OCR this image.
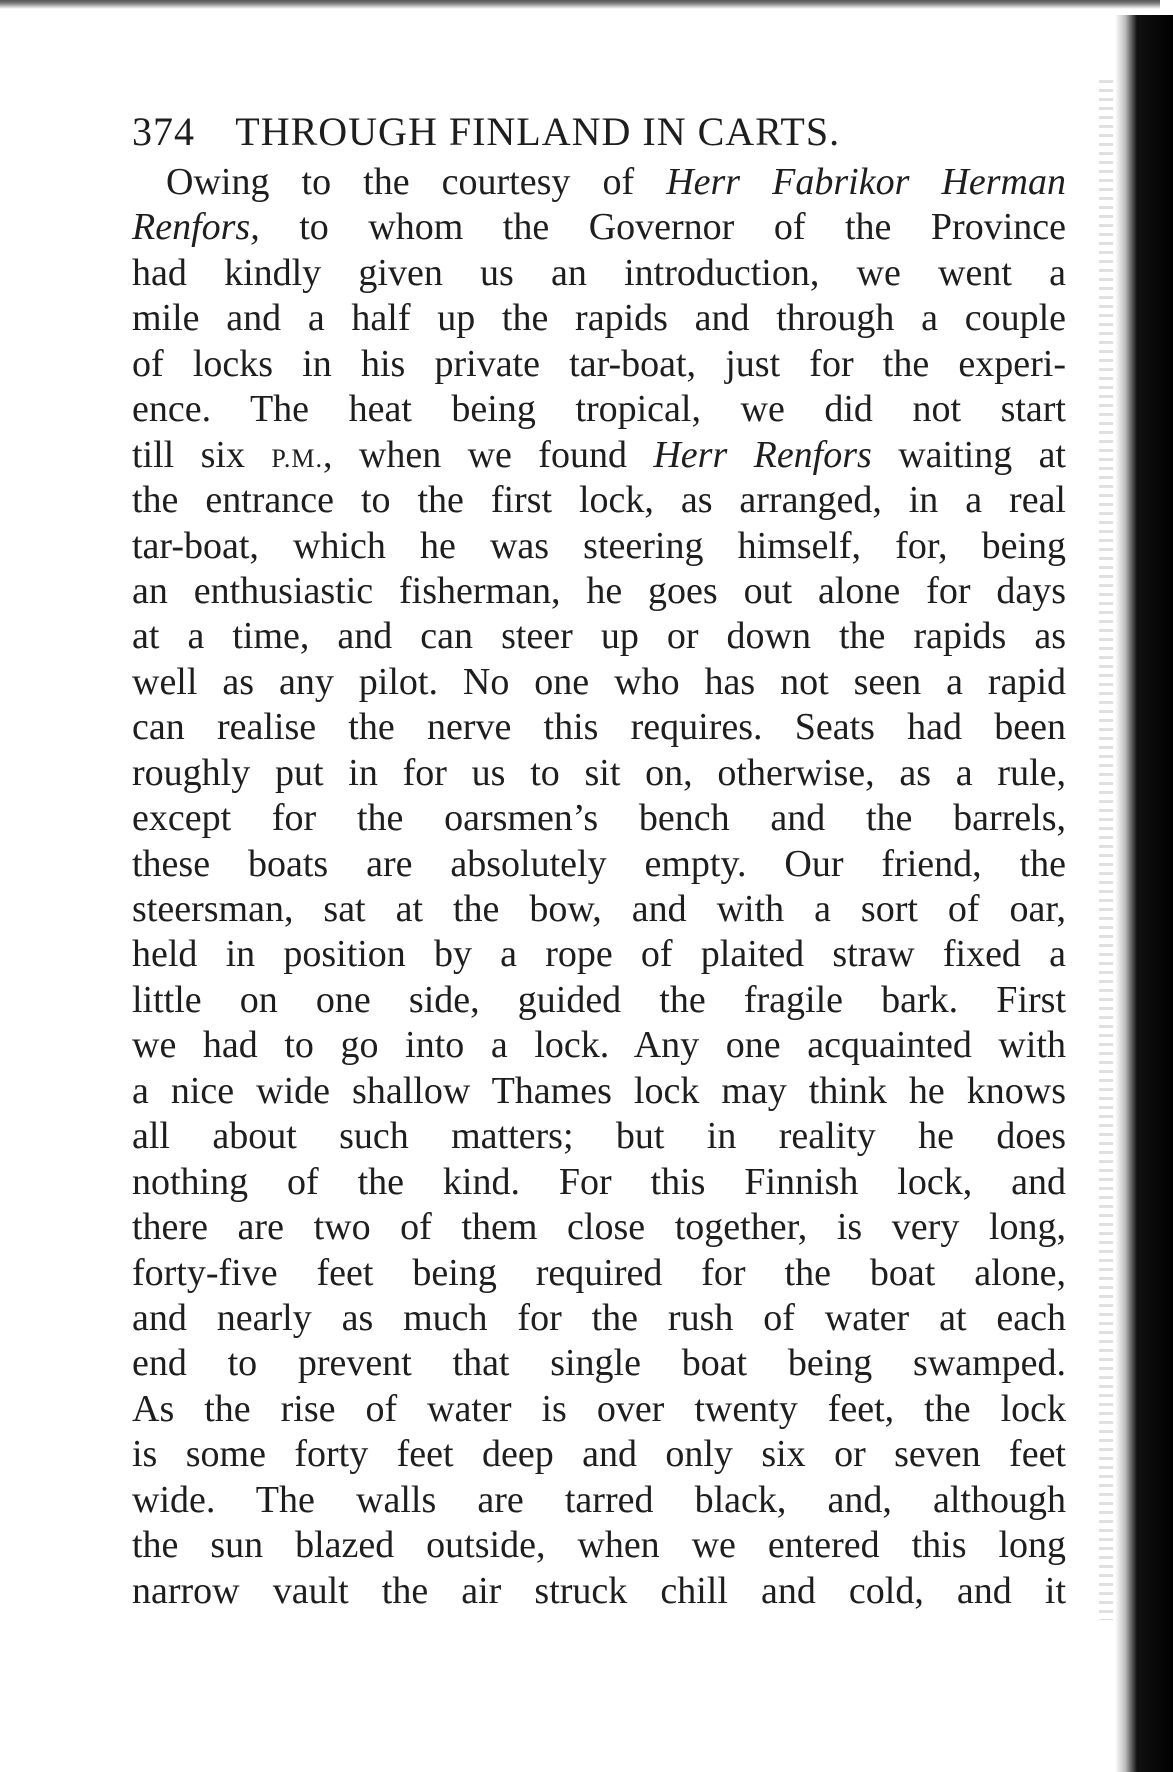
374 THROUGH FINLAND IN CARTS.
Owing to the courtesy of Herr Fabrikor Herman
Renfors, to whom the Governor of the Province
had kindly given us an introduction, we went a
mile and a half up the rapids and through a couple
of locks in his private tar-boat, just for the experi-
ence. The heat being tropical, we did not start
till six P.M., when we found Herr Renfors waiting at
the entrance to the first lock, as arranged, in a real
tar-boat, which he was steering himself, for, being
an enthusiastic fisherman, he goes out alone for days
at a time, and can steer up or down the rapids as
well as any pilot. No one who has not seen a rapid
can realise the nerve this requires. Seats had been
roughly put in for us to sit on, otherwise, as a rule,
except for the oarsmen’s bench and the barrels,
these boats are absolutely empty. Our friend, the
steersman, sat at the bow, and with a sort of oar,
held in position by a rope of plaited straw fixed a
little on one side, guided the fragile bark. First
we had to go into a lock. Any one acquainted with
a nice wide shallow Thames lock may think he knows
all about such matters; but in reality he does
nothing of the kind. For this Finnish lock, and
there are two of them close together, is very long,
forty-five feet being required for the boat alone,
and nearly as much for the rush of water at each
end to prevent that single boat being swamped.
As the rise of water is over twenty feet, the lock
is some forty feet deep and only six or seven feet
wide. The walls are tarred black, and, although
the sun blazed outside, when we entered this long
narrow vault the air struck chill and cold, and it
